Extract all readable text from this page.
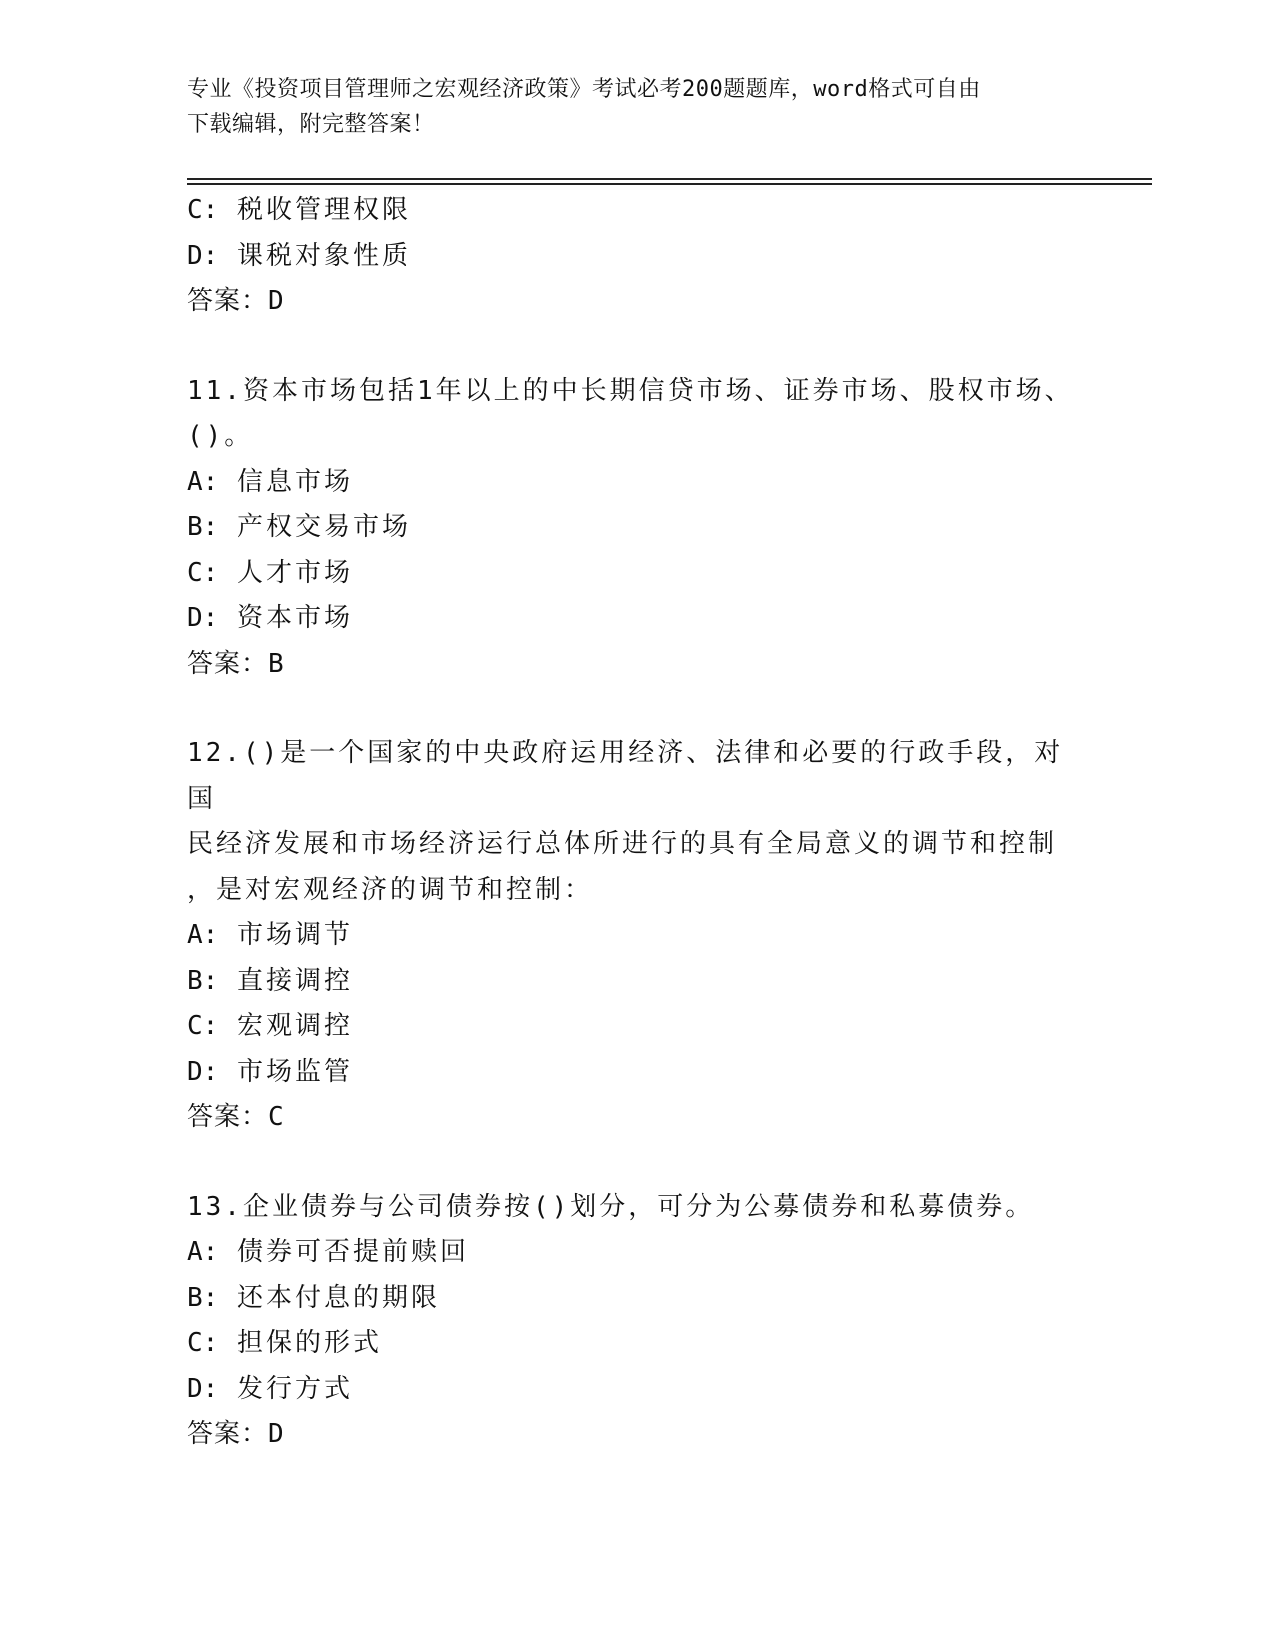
专业《投资项目管理师之宏观经济政策》考试必考200题题库，word格式可自由
下载编辑，附完整答案！
C: 税收管理权限
D: 课税对象性质
答案：D
11.资本市场包括1年以上的中长期信贷市场、证券市场、股权市场、
()。
A: 信息市场
B: 产权交易市场
C: 人才市场
D: 资本市场
答案：B
12.()是一个国家的中央政府运用经济、法律和必要的行政手段，对国
民经济发展和市场经济运行总体所进行的具有全局意义的调节和控制
，是对宏观经济的调节和控制：
A: 市场调节
B: 直接调控
C: 宏观调控
D: 市场监管
答案：C
13.企业债券与公司债券按()划分，可分为公募债券和私募债券。
A: 债券可否提前赎回
B: 还本付息的期限
C: 担保的形式
D: 发行方式
答案：D
